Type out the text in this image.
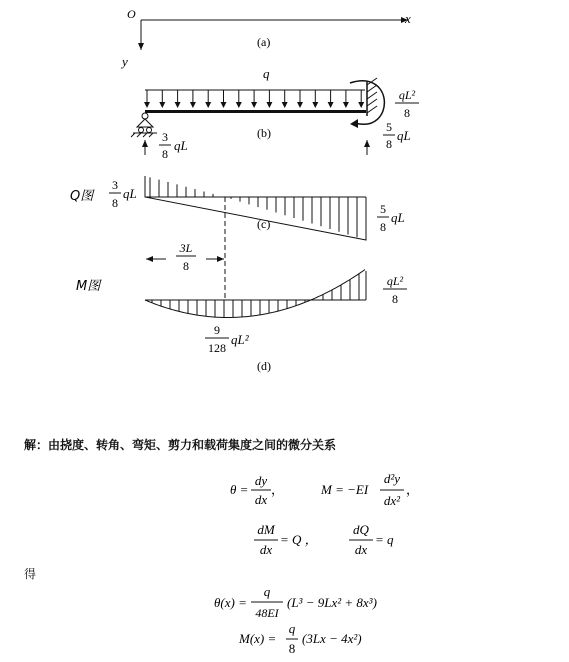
O	x
y
(a)
q
(b)
3
8
qL
5
8
qL
qL²
8
Q图
3
8
qL
(c)
5
8
qL
3L
8
M图	qL²
8
9
128
qL²
(d)
θ =
dy
dx
，	M = −EI
d²y
dx²
，
dM
dx
= Q ，
dQ
dx
= q
θ(x) =
q
48EI
(L³ − 9Lx² + 8x³)
M(x) =
q
8
(3Lx − 4x²)
解：由挠度、转角、弯矩、剪力和载荷集度之间的微分关系
得
